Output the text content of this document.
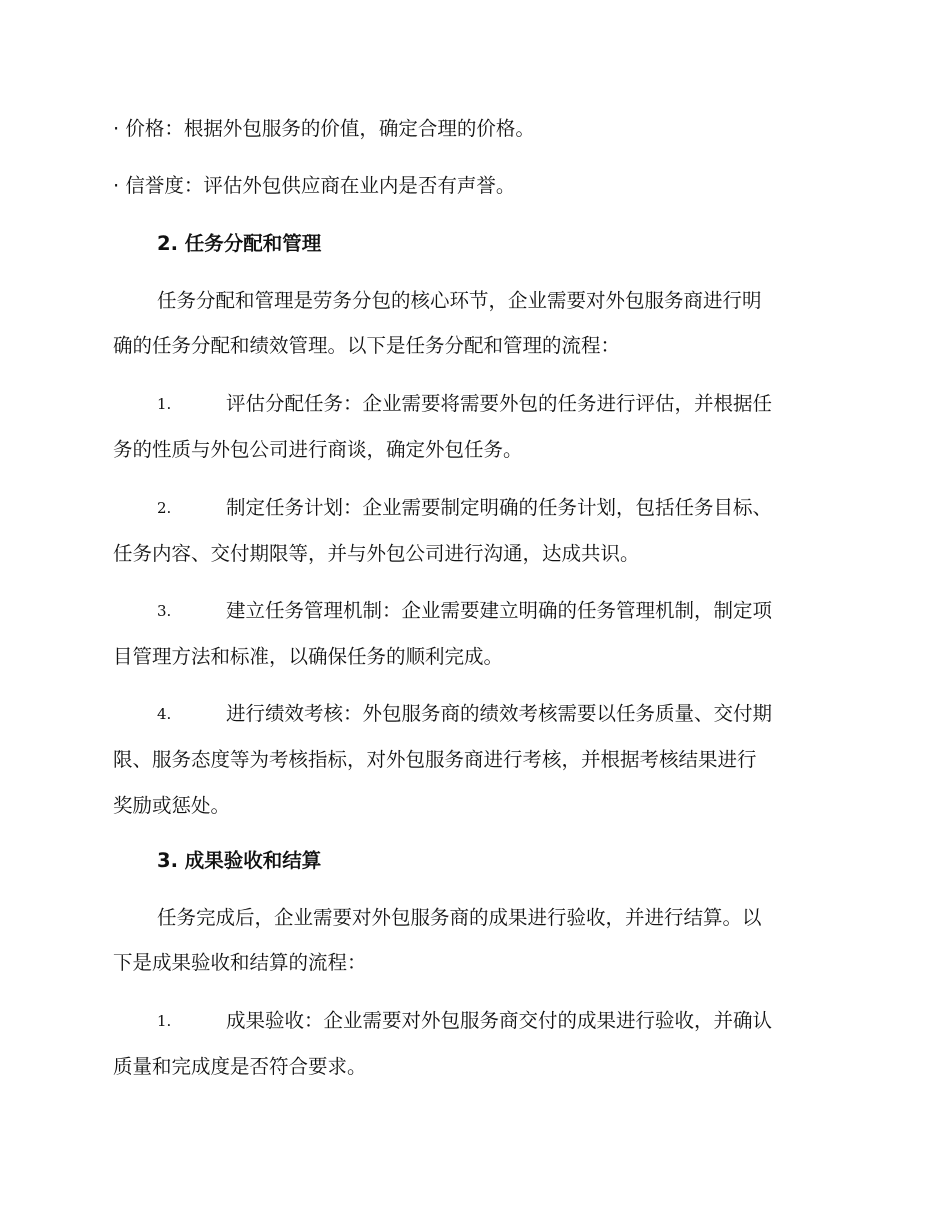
· 价格：根据外包服务的价值，确定合理的价格。
· 信誉度：评估外包供应商在业内是否有声誉。
2. 任务分配和管理
任务分配和管理是劳务分包的核心环节，企业需要对外包服务商进行明
确的任务分配和绩效管理。以下是任务分配和管理的流程：
1.	评估分配任务：企业需要将需要外包的任务进行评估，并根据任
务的性质与外包公司进行商谈，确定外包任务。
2.	制定任务计划：企业需要制定明确的任务计划，包括任务目标、
任务内容、交付期限等，并与外包公司进行沟通，达成共识。
3.	建立任务管理机制：企业需要建立明确的任务管理机制，制定项
目管理方法和标准，以确保任务的顺利完成。
4.	进行绩效考核：外包服务商的绩效考核需要以任务质量、交付期
限、服务态度等为考核指标，对外包服务商进行考核，并根据考核结果进行
奖励或惩处。
3. 成果验收和结算
任务完成后，企业需要对外包服务商的成果进行验收，并进行结算。以
下是成果验收和结算的流程：
1.	成果验收：企业需要对外包服务商交付的成果进行验收，并确认
质量和完成度是否符合要求。
